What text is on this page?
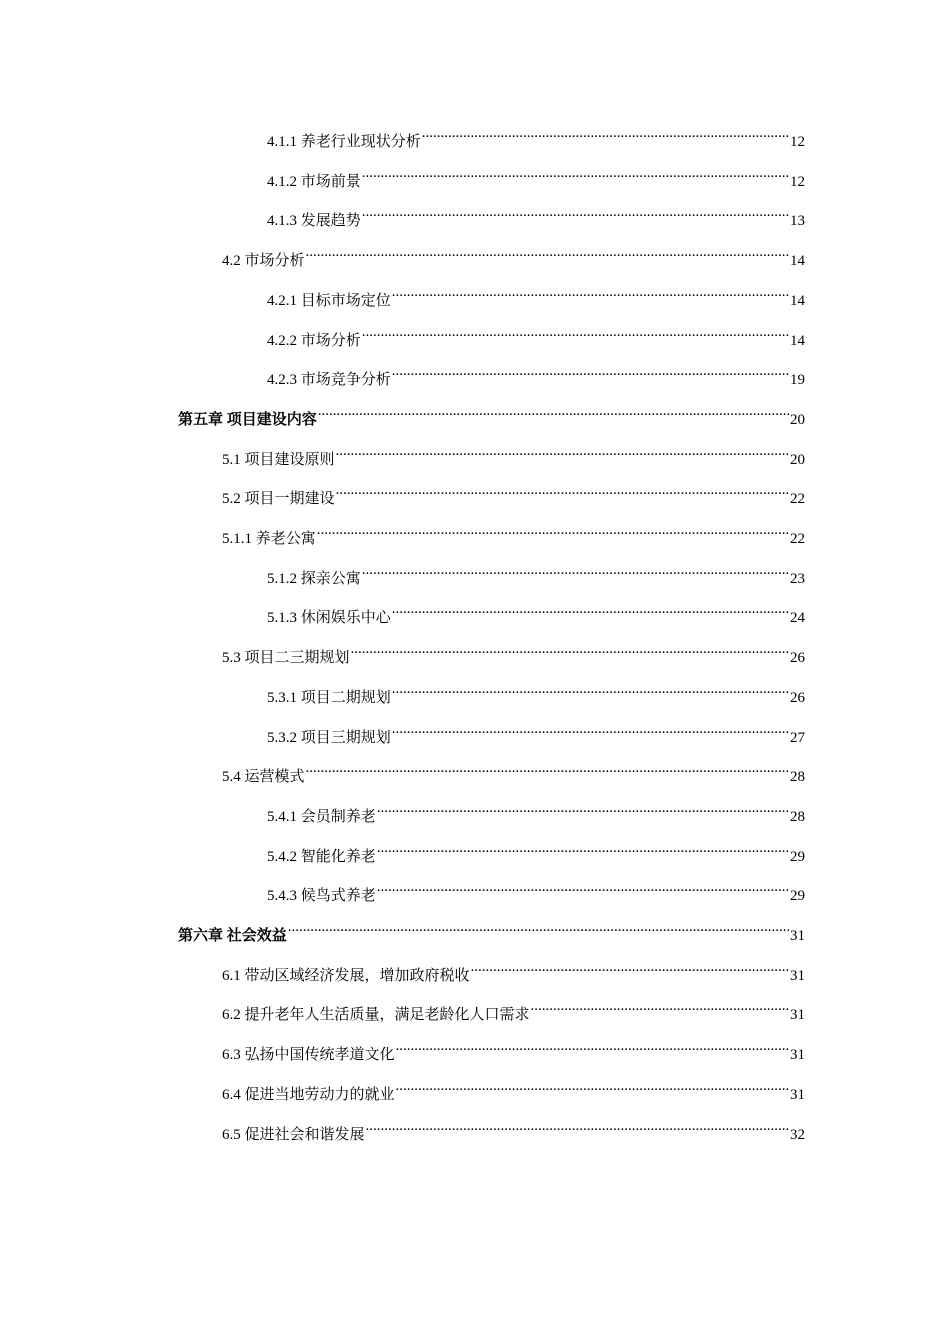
4.1.1 养老行业现状分析 .....	12
4.1.2 市场前景 .....	12
4.1.3 发展趋势 .....	13
4.2 市场分析 .....	14
4.2.1 目标市场定位 .....	14
4.2.2 市场分析 .....	14
4.2.3 市场竞争分析 .....	19
第五章 项目建设内容 .....	20
5.1 项目建设原则 .....	20
5.2 项目一期建设 .....	22
5.1.1 养老公寓 .....	22
5.1.2 探亲公寓 .....	23
5.1.3 休闲娱乐中心 .....	24
5.3 项目二三期规划 .....	26
5.3.1 项目二期规划 .....	26
5.3.2 项目三期规划 .....	27
5.4 运营模式 .....	28
5.4.1 会员制养老 .....	28
5.4.2 智能化养老 .....	29
5.4.3 候鸟式养老 .....	29
第六章 社会效益 .....	31
6.1 带动区域经济发展，增加政府税收 .....	31
6.2 提升老年人生活质量，满足老龄化人口需求 .....	31
6.3 弘扬中国传统孝道文化 .....	31
6.4 促进当地劳动力的就业 .....	31
6.5 促进社会和谐发展 .....	32
